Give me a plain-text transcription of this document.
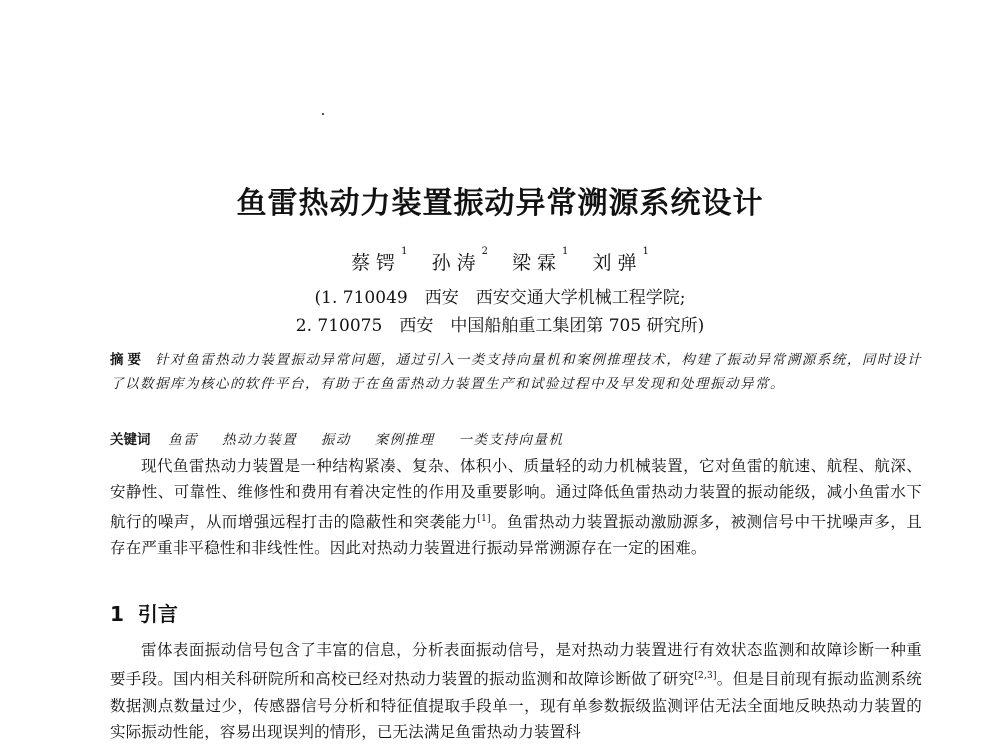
鱼雷热动力装置振动异常溯源系统设计
蔡锷$^1$ 孙涛$^2$ 梁霖$^1$ 刘弹$^1$
(1. 710049　西安　西安交通大学机械工程学院;
2. 710075　西安　中国船舶重工集团第 705 研究所)
摘要 针对鱼雷热动力装置振动异常问题，通过引入一类支持向量机和案例推理技术，构建了振动异常溯源系统，同时设计了以数据库为核心的软件平台，有助于在鱼雷热动力装置生产和试验过程中及早发现和处理振动异常。
关键词 鱼雷 热动力装置 振动 案例推理 一类支持向量机
现代鱼雷热动力装置是一种结构紧凑、复杂、体积小、质量轻的动力机械装置，它对鱼雷的航速、航程、航深、安静性、可靠性、维修性和费用有着决定性的作用及重要影响。通过降低鱼雷热动力装置的振动能级，减小鱼雷水下航行的噪声，从而增强远程打击的隐蔽性和突袭能力[1]。鱼雷热动力装置振动激励源多，被测信号中干扰噪声多，且存在严重非平稳性和非线性性。因此对热动力装置进行振动异常溯源存在一定的困难。
1 引言
雷体表面振动信号包含了丰富的信息，分析表面振动信号，是对热动力装置进行有效状态监测和故障诊断一种重要手段。国内相关科研院所和高校已经对热动力装置的振动监测和故障诊断做了研究[2,3]。但是目前现有振动监测系统数据测点数量过少，传感器信号分析和特征值提取手段单一，现有单参数振级监测评估无法全面地反映热动力装置的实际振动性能，容易出现误判的情形，已无法满足鱼雷热动力装置科
